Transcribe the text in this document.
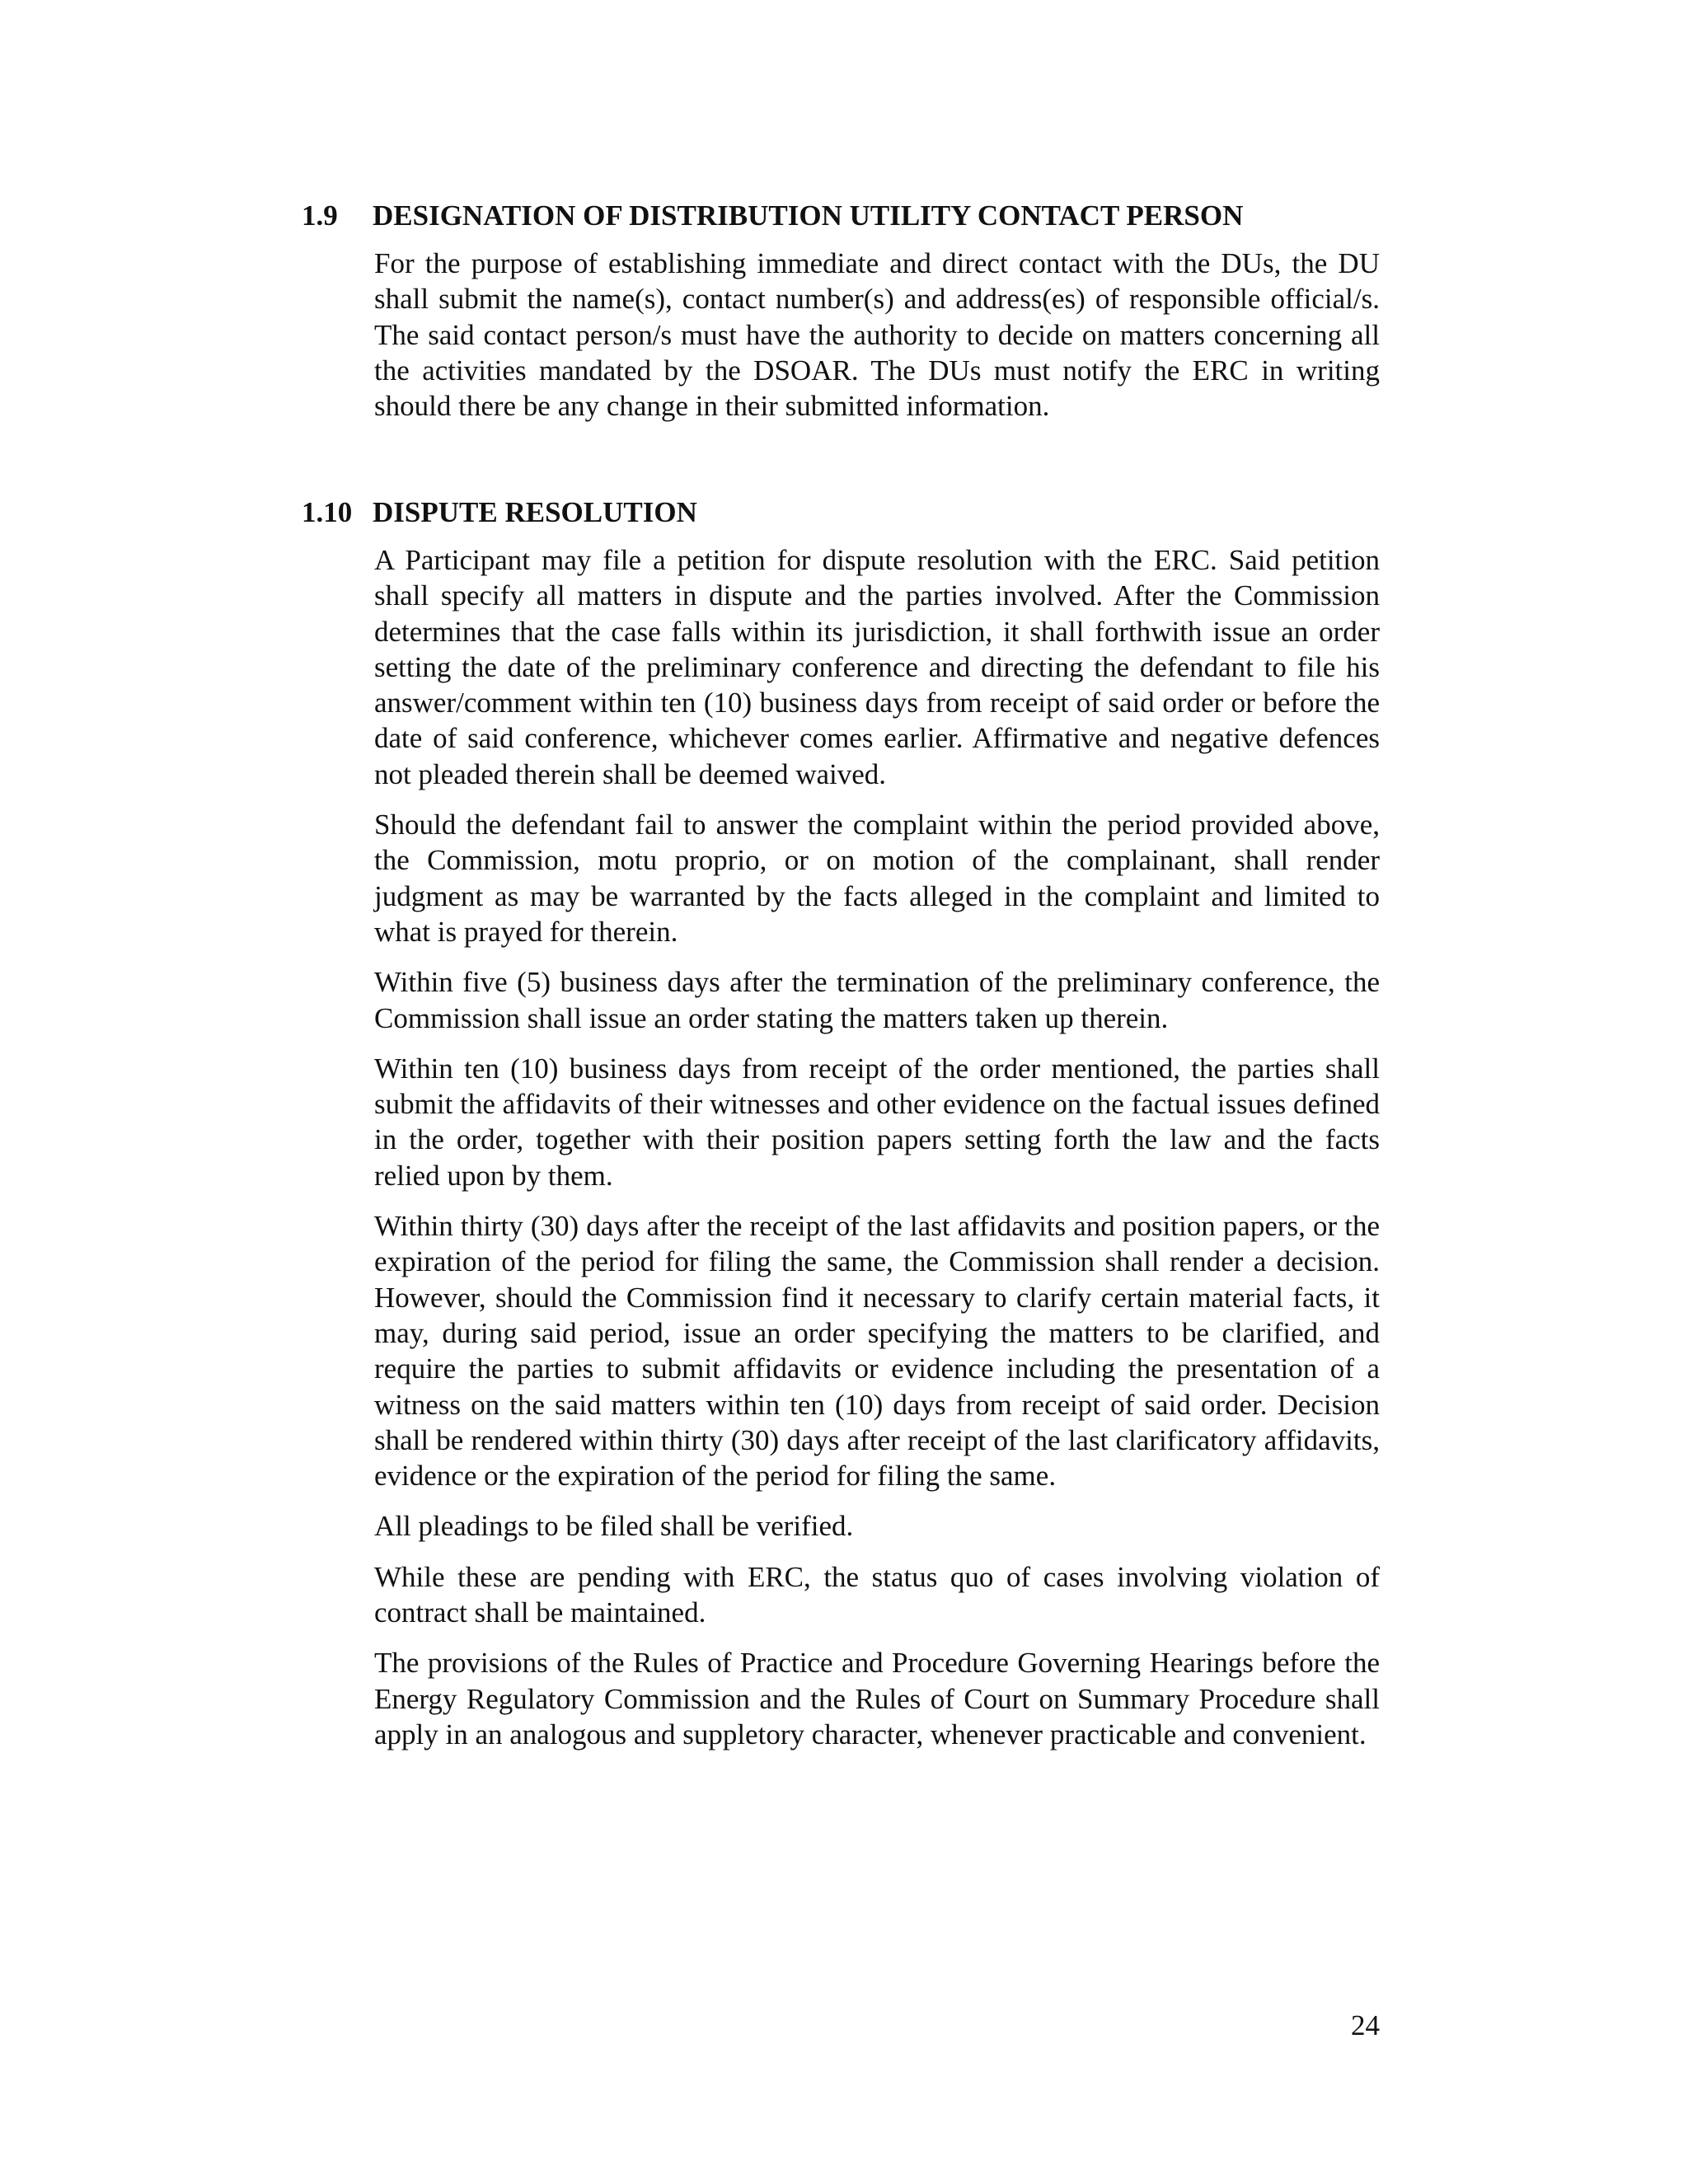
1.9 DESIGNATION OF DISTRIBUTION UTILITY CONTACT PERSON

For the purpose of establishing immediate and direct contact with the DUs, the DU shall submit the name(s), contact number(s) and address(es) of responsible official/s. The said contact person/s must have the authority to decide on matters concerning all the activities mandated by the DSOAR. The DUs must notify the ERC in writing should there be any change in their submitted information.

1.10 DISPUTE RESOLUTION

A Participant may file a petition for dispute resolution with the ERC. Said petition shall specify all matters in dispute and the parties involved. After the Commission determines that the case falls within its jurisdiction, it shall forthwith issue an order setting the date of the preliminary conference and directing the defendant to file his answer/comment within ten (10) business days from receipt of said order or before the date of said conference, whichever comes earlier. Affirmative and negative defences not pleaded therein shall be deemed waived.

Should the defendant fail to answer the complaint within the period provided above, the Commission, motu proprio, or on motion of the complainant, shall render judgment as may be warranted by the facts alleged in the complaint and limited to what is prayed for therein.

Within five (5) business days after the termination of the preliminary conference, the Commission shall issue an order stating the matters taken up therein.

Within ten (10) business days from receipt of the order mentioned, the parties shall submit the affidavits of their witnesses and other evidence on the factual issues defined in the order, together with their position papers setting forth the law and the facts relied upon by them.

Within thirty (30) days after the receipt of the last affidavits and position papers, or the expiration of the period for filing the same, the Commission shall render a decision. However, should the Commission find it necessary to clarify certain material facts, it may, during said period, issue an order specifying the matters to be clarified, and require the parties to submit affidavits or evidence including the presentation of a witness on the said matters within ten (10) days from receipt of said order. Decision shall be rendered within thirty (30) days after receipt of the last clarificatory affidavits, evidence or the expiration of the period for filing the same.

All pleadings to be filed shall be verified.

While these are pending with ERC, the status quo of cases involving violation of contract shall be maintained.

The provisions of the Rules of Practice and Procedure Governing Hearings before the Energy Regulatory Commission and the Rules of Court on Summary Procedure shall apply in an analogous and suppletory character, whenever practicable and convenient.

24
